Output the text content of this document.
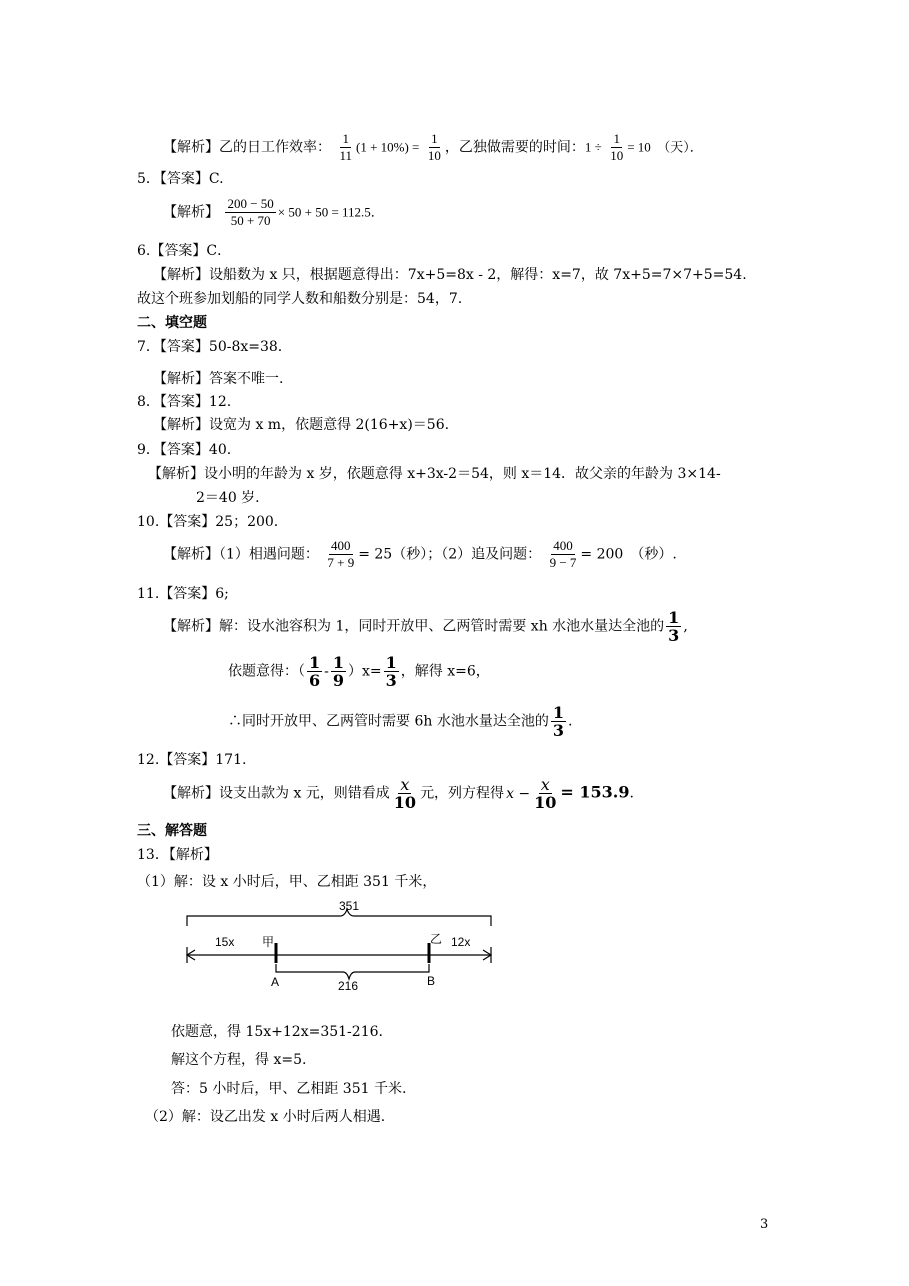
【解析】乙的日工作效率： $\frac{1}{11} (1 + 10\%) = \frac{1}{10}$ ，乙独做需要的时间：$1 \div \frac{1}{10} = 10$　（天）．
5．【答案】C.
【解析】 $\frac{200 - 50}{50 + 70} \times 50 + 50 = 112.5$．
6.【答案】C．
【解析】设船数为 x 只，根据题意得出：7x+5=8x - 2，解得：x=7，故 7x+5=7×7+5=54.
故这个班参加划船的同学人数和船数分别是：54，7.
二、填空题
7．【答案】50-8x=38.
【解析】答案不唯一.
8．【答案】12.
【解析】设宽为 x m，依题意得 2(16+x)＝56.
9．【答案】40.
【解析】设小明的年龄为 x 岁，依题意得 x+3x-2＝54，则 x＝14．故父亲的年龄为 3×14-
2＝40 岁.
10.【答案】25；200.
【解析】（1）相遇问题： $\frac{400}{7 + 9} = 25$（秒）；（2）追及问题： $\frac{400}{9 - 7} = 200$　（秒）.
11.【答案】6;
【解析】解：设水池容积为 1，同时开放甲、乙两管时需要 xh 水池水量达全池的 $\frac{1}{3}$ ,
依题意得：（ $\frac{1}{6} - \frac{1}{9} )x= \frac{1}{3}$ ，解得 x=6，
∴同时开放甲、乙两管时需要 6h 水池水量达全池的 $\frac{1}{3}$ .
12.【答案】171.
【解析】设支出款为 x 元，则错看成 $\frac{x}{10}$ 元，列方程得 $x - \frac{x}{10} = 153.9$.
三、解答题
13．【解析】
（1）解：设 x 小时后，甲、乙相距 351 千米，
351
15x 甲	乙 12x
A	B
216
依题意，得 15x+12x=351-216.
解这个方程，得 x=5.
答：5 小时后，甲、乙相距 351 千米.
（2）解：设乙出发 x 小时后两人相遇.
3
